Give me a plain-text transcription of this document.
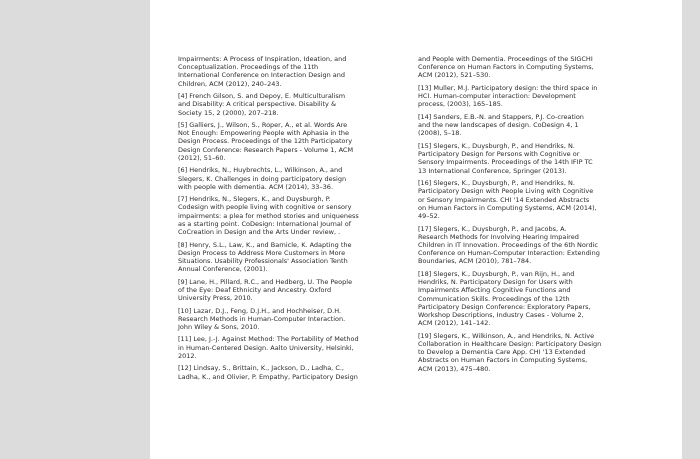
Impairments: A Process of Inspiration, Ideation, and
Conceptualization. Proceedings of the 11th
International Conference on Interaction Design and
Children, ACM (2012), 240–243.

[4] French Gilson, S. and Depoy, E. Multiculturalism
and Disability: A critical perspective. Disability &
Society 15, 2 (2000), 207–218.

[5] Galliers, J., Wilson, S., Roper, A., et al. Words Are
Not Enough: Empowering People with Aphasia in the
Design Process. Proceedings of the 12th Participatory
Design Conference: Research Papers - Volume 1, ACM
(2012), 51–60.

[6] Hendriks, N., Huybrechts, L., Wilkinson, A., and
Slegers, K. Challenges in doing participatory design
with people with dementia. ACM (2014), 33–36.

[7] Hendriks, N., Slegers, K., and Duysburgh, P.
Codesign with people living with cognitive or sensory
impairments: a plea for method stories and uniqueness
as a starting point. CoDesign: International Journal of
CoCreation in Design and the Arts Under review, .

[8] Henry, S.L., Law, K., and Barnicle, K. Adapting the
Design Process to Address More Customers in More
Situations. Usability Professionals' Association Tenth
Annual Conference, (2001).

[9] Lane, H., Pillard, R.C., and Hedberg, U. The People
of the Eye: Deaf Ethnicity and Ancestry. Oxford
University Press, 2010.

[10] Lazar, D.J., Feng, D.J.H., and Hochheiser, D.H.
Research Methods in Human-Computer Interaction.
John Wiley & Sons, 2010.

[11] Lee, J.-J. Against Method: The Portability of Method
in Human-Centered Design. Aalto University, Helsinki,
2012.

[12] Lindsay, S., Brittain, K., Jackson, D., Ladha, C.,
Ladha, K., and Olivier, P. Empathy, Participatory Design

and People with Dementia. Proceedings of the SIGCHI
Conference on Human Factors in Computing Systems,
ACM (2012), 521–530.

[13] Muller, M.J. Participatory design: the third space in
HCI. Human-computer interaction: Development
process, (2003), 165–185.

[14] Sanders, E.B.-N. and Stappers, P.J. Co-creation
and the new landscapes of design. CoDesign 4, 1
(2008), 5–18.

[15] Slegers, K., Duysburgh, P., and Hendriks, N.
Participatory Design for Persons with Cognitive or
Sensory Impairments. Proceedings of the 14th IFIP TC
13 International Conference, Springer (2013).

[16] Slegers, K., Duysburgh, P., and Hendriks, N.
Participatory Design with People Living with Cognitive
or Sensory Impairments. CHI '14 Extended Abstracts
on Human Factors in Computing Systems, ACM (2014),
49–52.

[17] Slegers, K., Duysburgh, P., and Jacobs, A.
Research Methods for Involving Hearing Impaired
Children in IT Innovation. Proceedings of the 6th Nordic
Conference on Human-Computer Interaction: Extending
Boundaries, ACM (2010), 781–784.

[18] Slegers, K., Duysburgh, P., van Rijn, H., and
Hendriks, N. Participatory Design for Users with
Impairments Affecting Cognitive Functions and
Communication Skills. Proceedings of the 12th
Participatory Design Conference: Exploratory Papers,
Workshop Descriptions, Industry Cases - Volume 2,
ACM (2012), 141–142.

[19] Slegers, K., Wilkinson, A., and Hendriks, N. Active
Collaboration in Healthcare Design: Participatory Design
to Develop a Dementia Care App. CHI '13 Extended
Abstracts on Human Factors in Computing Systems,
ACM (2013), 475–480.
